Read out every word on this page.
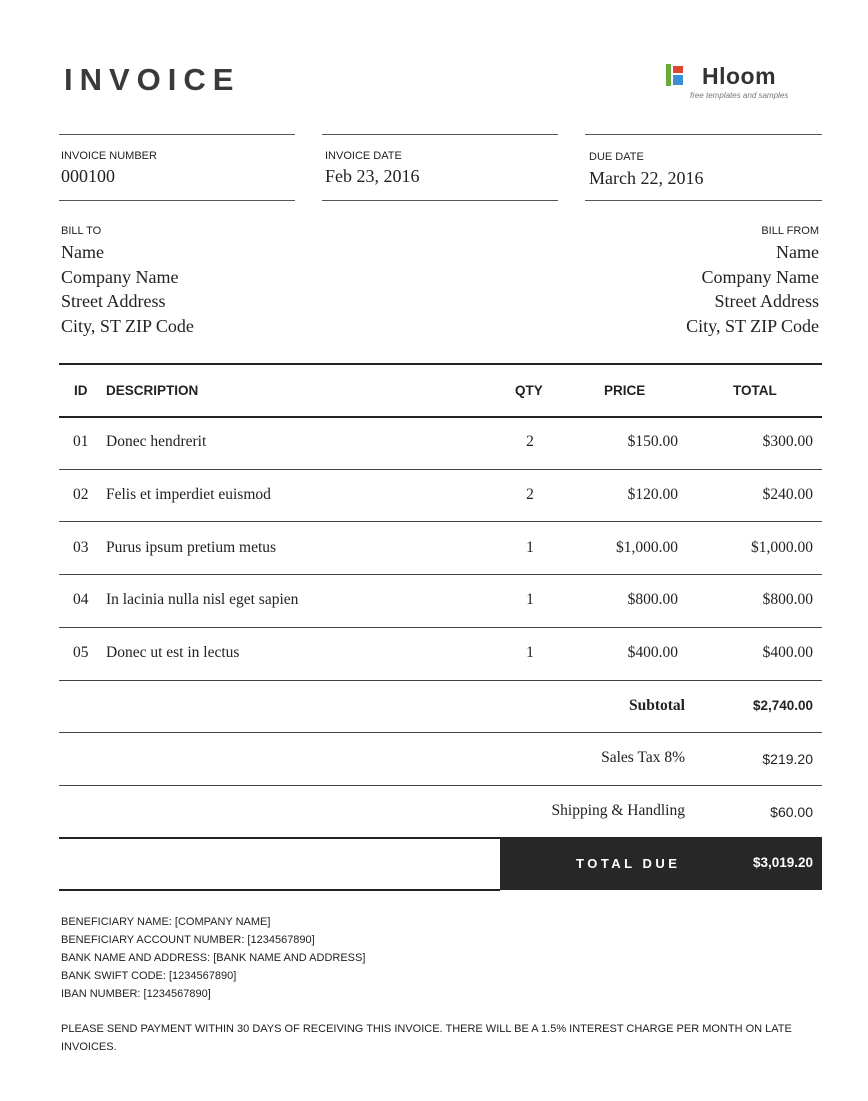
INVOICE	Hloom
free templates and samples
INVOICE NUMBER
000100
INVOICE DATE
Feb 23, 2016
DUE DATE
March 22, 2016
BILL TO
Name
Company Name
Street Address
City, ST ZIP Code
BILL FROM
Name
Company Name
Street Address
City, ST ZIP Code
ID DESCRIPTION	QTY	PRICE	TOTAL
01 Donec hendrerit	2	$150.00	$300.00
02 Felis et imperdiet euismod	2	$120.00	$240.00
03 Purus ipsum pretium metus	1	$1,000.00	$1,000.00
04 In lacinia nulla nisl eget sapien	1	$800.00	$800.00
05 Donec ut est in lectus	1	$400.00	$400.00
Subtotal	$2,740.00
Sales Tax 8%	$219.20
Shipping & Handling	$60.00
TOTAL DUE	$3,019.20
BENEFICIARY NAME: [COMPANY NAME]
BENEFICIARY ACCOUNT NUMBER: [1234567890]
BANK NAME AND ADDRESS: [BANK NAME AND ADDRESS]
BANK SWIFT CODE: [1234567890]
IBAN NUMBER: [1234567890]
PLEASE SEND PAYMENT WITHIN 30 DAYS OF RECEIVING THIS INVOICE. THERE WILL BE A 1.5% INTEREST CHARGE PER MONTH ON LATE INVOICES.
